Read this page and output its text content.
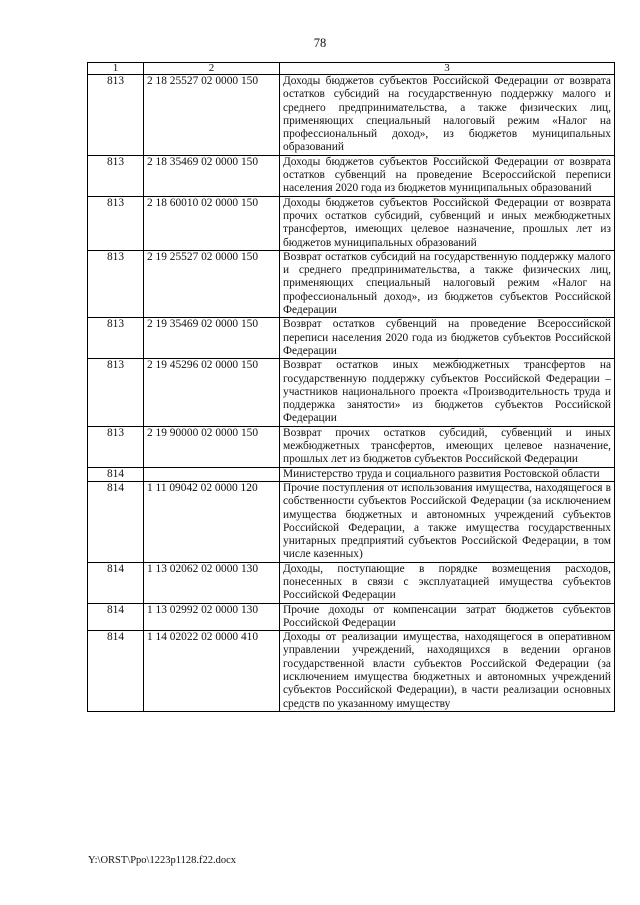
78
1	2	3
813	2 18 25527 02 0000 150	Доходы бюджетов субъектов Российской Федерации от возврата остатков субсидий на государственную поддержку малого и среднего предпринимательства, а также физических лиц, применяющих специальный налоговый режим «Налог на профессиональный доход», из бюджетов муниципальных образований
813	2 18 35469 02 0000 150	Доходы бюджетов субъектов Российской Федерации от возврата остатков субвенций на проведение Всероссийской переписи населения 2020 года из бюджетов муниципальных образований
813	2 18 60010 02 0000 150	Доходы бюджетов субъектов Российской Федерации от возврата прочих остатков субсидий, субвенций и иных межбюджетных трансфертов, имеющих целевое назначение, прошлых лет из бюджетов муниципальных образований
813	2 19 25527 02 0000 150	Возврат остатков субсидий на государственную поддержку малого и среднего предпринимательства, а также физических лиц, применяющих специальный налоговый режим «Налог на профессиональный доход», из бюджетов субъектов Российской Федерации
813	2 19 35469 02 0000 150	Возврат остатков субвенций на проведение Всероссийской переписи населения 2020 года из бюджетов субъектов Российской Федерации
813	2 19 45296 02 0000 150	Возврат остатков иных межбюджетных трансфертов на государственную поддержку субъектов Российской Федерации – участников национального проекта «Производительность труда и поддержка занятости» из бюджетов субъектов Российской Федерации
813	2 19 90000 02 0000 150	Возврат прочих остатков субсидий, субвенций и иных межбюджетных трансфертов, имеющих целевое назначение, прошлых лет из бюджетов субъектов Российской Федерации
814		Министерство труда и социального развития Ростовской области
814	1 11 09042 02 0000 120	Прочие поступления от использования имущества, находящегося в собственности субъектов Российской Федерации (за исключением имущества бюджетных и автономных учреждений субъектов Российской Федерации, а также имущества государственных унитарных предприятий субъектов Российской Федерации, в том числе казенных)
814	1 13 02062 02 0000 130	Доходы, поступающие в порядке возмещения расходов, понесенных в связи с эксплуатацией имущества субъектов Российской Федерации
814	1 13 02992 02 0000 130	Прочие доходы от компенсации затрат бюджетов субъектов Российской Федерации
814	1 14 02022 02 0000 410	Доходы от реализации имущества, находящегося в оперативном управлении учреждений, находящихся в ведении органов государственной власти субъектов Российской Федерации (за исключением имущества бюджетных и автономных учреждений субъектов Российской Федерации), в части реализации основных средств по указанному имуществу
Y:\ORST\Ppo\1223p1128.f22.docx
